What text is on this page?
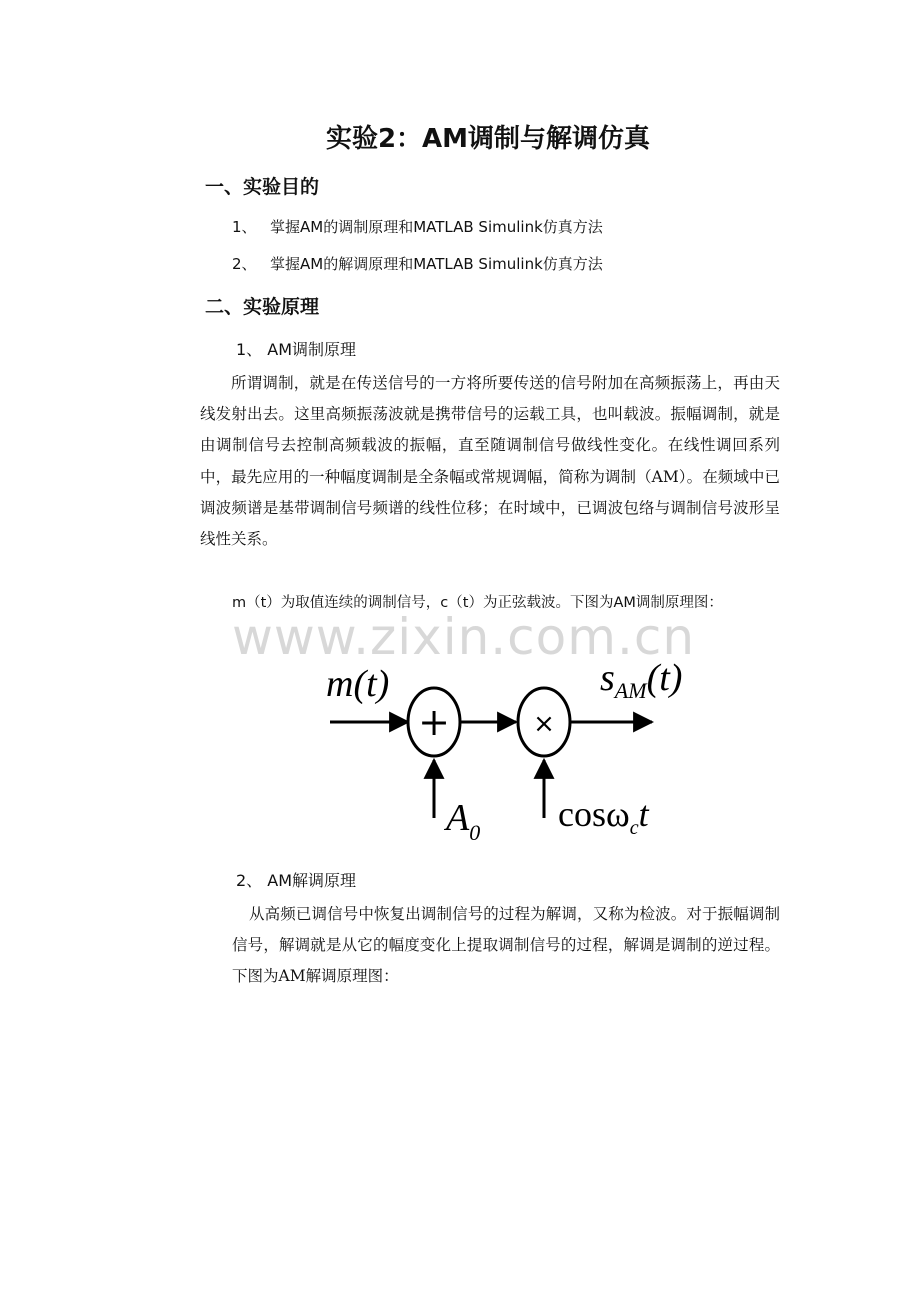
实验2：AM调制与解调仿真
一、实验目的
1、 掌握AM的调制原理和MATLAB Simulink仿真方法
2、 掌握AM的解调原理和MATLAB Simulink仿真方法
二、实验原理
1、 AM调制原理
所谓调制，就是在传送信号的一方将所要传送的信号附加在高频振荡上，再由天线发射出去。这里高频振荡波就是携带信号的运载工具，也叫载波。振幅调制，就是由调制信号去控制高频载波的振幅，直至随调制信号做线性变化。在线性调回系列中，最先应用的一种幅度调制是全条幅或常规调幅，简称为调制（AM）。在频域中已调波频谱是基带调制信号频谱的线性位移；在时域中，已调波包络与调制信号波形呈线性关系。
m（t）为取值连续的调制信号，c（t）为正弦载波。下图为AM调制原理图：
www.zixin.com.cn
+	×
m(t)	$s_{AM}(t)$
$A_0$ cosω$_c$t
2、 AM解调原理
从高频已调信号中恢复出调制信号的过程为解调，又称为检波。对于振幅调制信号，解调就是从它的幅度变化上提取调制信号的过程，解调是调制的逆过程。下图为AM解调原理图：
